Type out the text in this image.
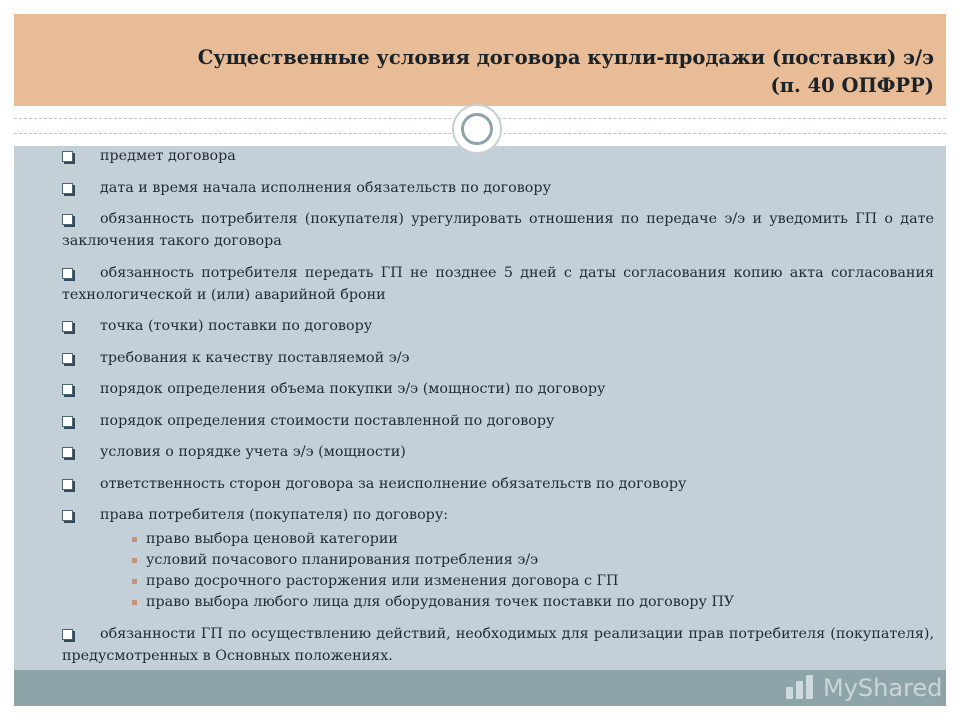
Существенные условия договора купли-продажи (поставки) э/э
(п. 40 ОПФРР)
предмет договора
дата и время начала исполнения обязательств по договору
обязанность потребителя (покупателя) урегулировать отношения по передаче э/э и уведомить ГП о дате заключения такого договора
обязанность потребителя передать ГП не позднее 5 дней с даты согласования копию акта согласования технологической и (или) аварийной брони
точка (точки) поставки по договору
требования к качеству поставляемой э/э
порядок определения объема покупки э/э (мощности) по договору
порядок определения стоимости поставленной по договору
условия о порядке учета э/э (мощности)
ответственность сторон договора за неисполнение обязательств по договору
права потребителя (покупателя) по договору:
право выбора ценовой категории
условий почасового планирования потребления э/э
право досрочного расторжения или изменения договора с ГП
право выбора любого лица для оборудования точек поставки по договору ПУ
обязанности ГП по осуществлению действий, необходимых для реализации прав потребителя (покупателя), предусмотренных в Основных положениях.
MyShared
